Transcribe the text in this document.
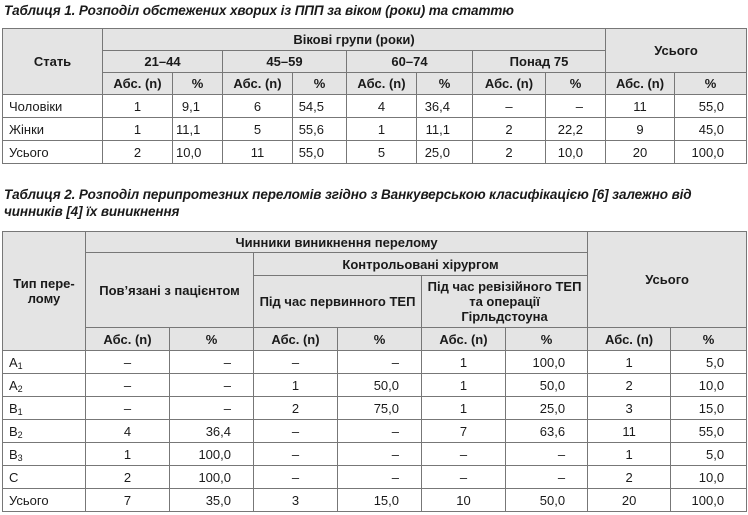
Таблиця 1. Розподіл обстежених хворих із ППП за віком (роки) та статтю
Стать	Вікові групи (роки)								Усього	
	21–44		45–59		60–74		Понад 75			
	Абс. (n)	%	Абс. (n)	%	Абс. (n)	%	Абс. (n)	%	Абс. (n)	%
Чоловіки	1	9,1	6	54,5	4	36,4	–	–	11	55,0
Жінки	1	11,1	5	55,6	1	11,1	2	22,2	9	45,0
Усього	2	10,0	11	55,0	5	25,0	2	10,0	20	100,0
Таблиця 2. Розподіл перипротезних переломів згідно з Ванкуверською класифікацією [6] залежно від чинників [4] їх виникнення
Тип пере-лому	Чинники виникнення перелому						Усього	
	Пов’язані з пацієнтом		Контрольовані хірургом					
			Під час первинного ТЕП		Під час ревізійного ТЕП та операції Гірльдстоуна			
	Абс. (n)	%	Абс. (n)	%	Абс. (n)	%	Абс. (n)	%
$A_1$	–	–	–	–	1	100,0	1	5,0
$A_2$	–	–	1	50,0	1	50,0	2	10,0
$B_1$	–	–	2	75,0	1	25,0	3	15,0
$B_2$	4	36,4	–	–	7	63,6	11	55,0
$B_3$	1	100,0	–	–	–	–	1	5,0
C	2	100,0	–	–	–	–	2	10,0
Усього	7	35,0	3	15,0	10	50,0	20	100,0
